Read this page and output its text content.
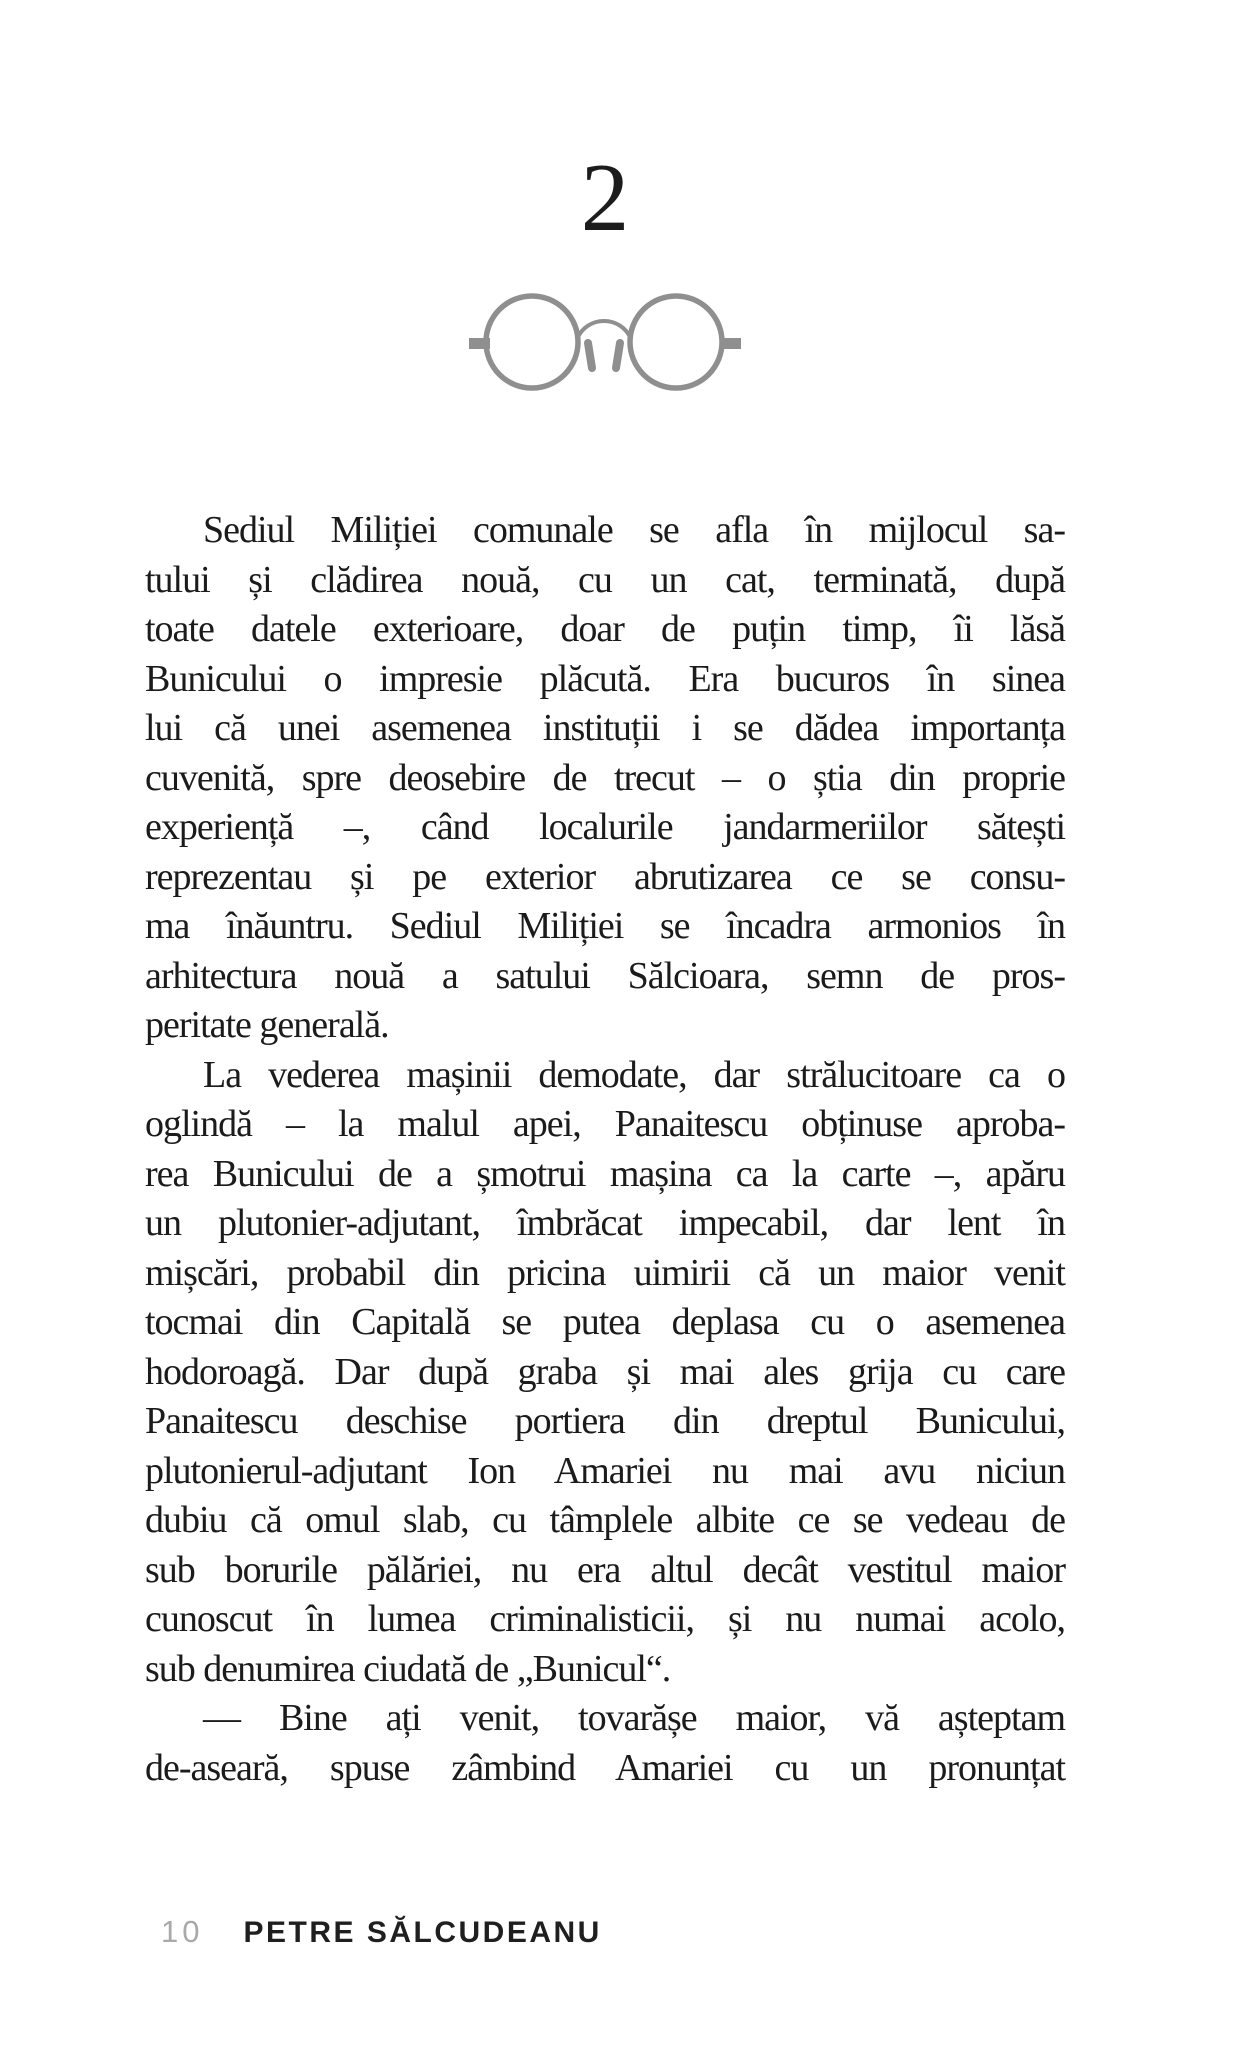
2
Sediul Miliției comunale se afla în mijlocul sa-
tului și clădirea nouă, cu un cat, terminată, după
toate datele exterioare, doar de puțin timp, îi lăsă
Bunicului o impresie plăcută. Era bucuros în sinea
lui că unei asemenea instituții i se dădea importanța
cuvenită, spre deosebire de trecut – o știa din proprie
experiență –, când localurile jandarmeriilor sătești
reprezentau și pe exterior abrutizarea ce se consu-
ma înăuntru. Sediul Miliției se încadra armonios în
arhitectura nouă a satului Sălcioara, semn de pros-
peritate generală.
La vederea mașinii demodate, dar strălucitoare ca o
oglindă – la malul apei, Panaitescu obținuse aproba-
rea Bunicului de a șmotrui mașina ca la carte –, apăru
un plutonier-adjutant, îmbrăcat impecabil, dar lent în
mișcări, probabil din pricina uimirii că un maior venit
tocmai din Capitală se putea deplasa cu o asemenea
hodoroagă. Dar după graba și mai ales grija cu care
Panaitescu deschise portiera din dreptul Bunicului,
plutonierul-adjutant Ion Amariei nu mai avu niciun
dubiu că omul slab, cu tâmplele albite ce se vedeau de
sub borurile pălăriei, nu era altul decât vestitul maior
cunoscut în lumea criminalisticii, și nu numai acolo,
sub denumirea ciudată de „Bunicul“.
— Bine ați venit, tovarășe maior, vă așteptam
de-aseară, spuse zâmbind Amariei cu un pronunțat
10 PETRE SĂLCUDEANU
